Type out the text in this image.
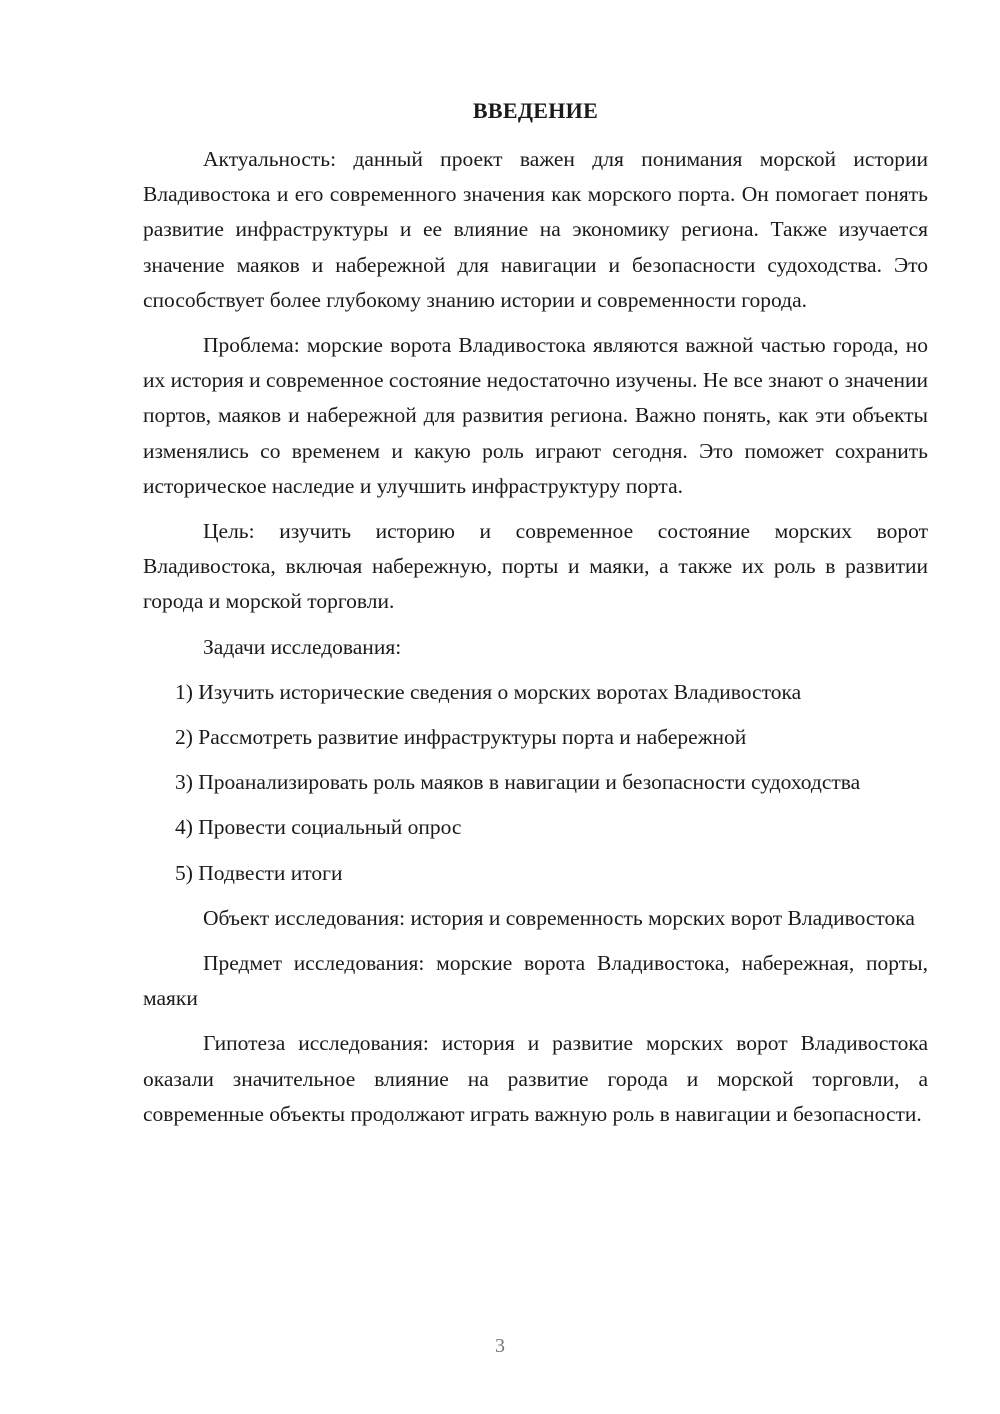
ВВЕДЕНИЕ

Актуальность: данный проект важен для понимания морской истории Владивостока и его современного значения как морского порта. Он помогает понять развитие инфраструктуры и ее влияние на экономику региона. Также изучается значение маяков и набережной для навигации и безопасности судоходства. Это способствует более глубокому знанию истории и современности города.

Проблема: морские ворота Владивостока являются важной частью города, но их история и современное состояние недостаточно изучены. Не все знают о значении портов, маяков и набережной для развития региона. Важно понять, как эти объекты изменялись со временем и какую роль играют сегодня. Это поможет сохранить историческое наследие и улучшить инфраструктуру порта.

Цель: изучить историю и современное состояние морских ворот Владивостока, включая набережную, порты и маяки, а также их роль в развитии города и морской торговли.

Задачи исследования:

1) Изучить исторические сведения о морских воротах Владивостока

2) Рассмотреть развитие инфраструктуры порта и набережной

3) Проанализировать роль маяков в навигации и безопасности судоходства

4) Провести социальный опрос

5) Подвести итоги

Объект исследования: история и современность морских ворот Владивостока

Предмет исследования: морские ворота Владивостока, набережная, порты, маяки

Гипотеза исследования: история и развитие морских ворот Владивостока оказали значительное влияние на развитие города и морской торговли, а современные объекты продолжают играть важную роль в навигации и безопасности.

3
